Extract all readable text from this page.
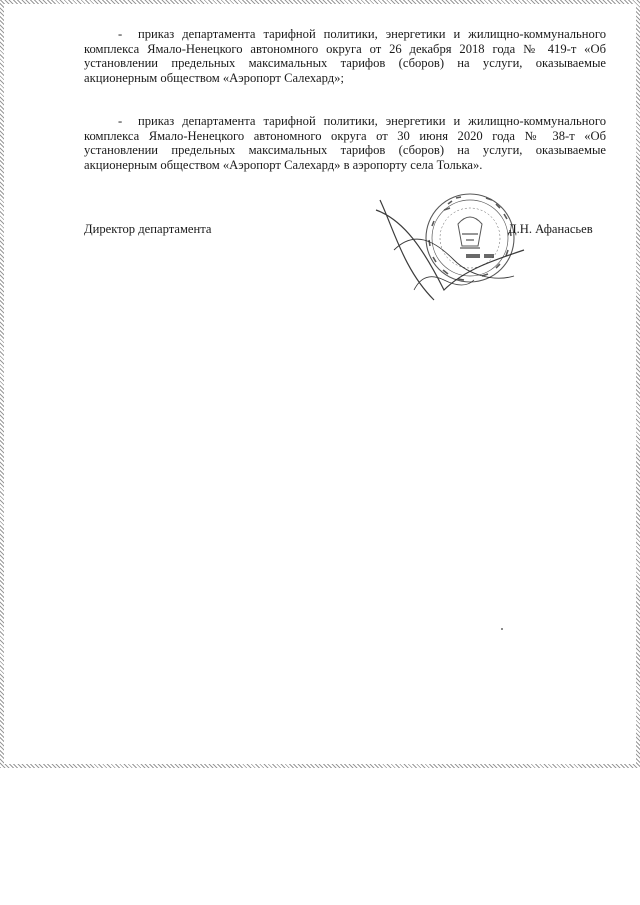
- приказ департамента тарифной политики, энергетики и жилищно-коммунального комплекса Ямало-Ненецкого автономного округа от 26 декабря 2018 года № 419-т «Об установлении предельных максимальных тарифов (сборов) на услуги, оказываемые акционерным обществом «Аэропорт Салехард»;

- приказ департамента тарифной политики, энергетики и жилищно-коммунального комплекса Ямало-Ненецкого автономного округа от 30 июня 2020 года № 38-т «Об установлении предельных максимальных тарифов (сборов) на услуги, оказываемые акционерным обществом «Аэропорт Салехард» в аэропорту села Толька».

Директор департамента	Д.Н. Афанасьев
